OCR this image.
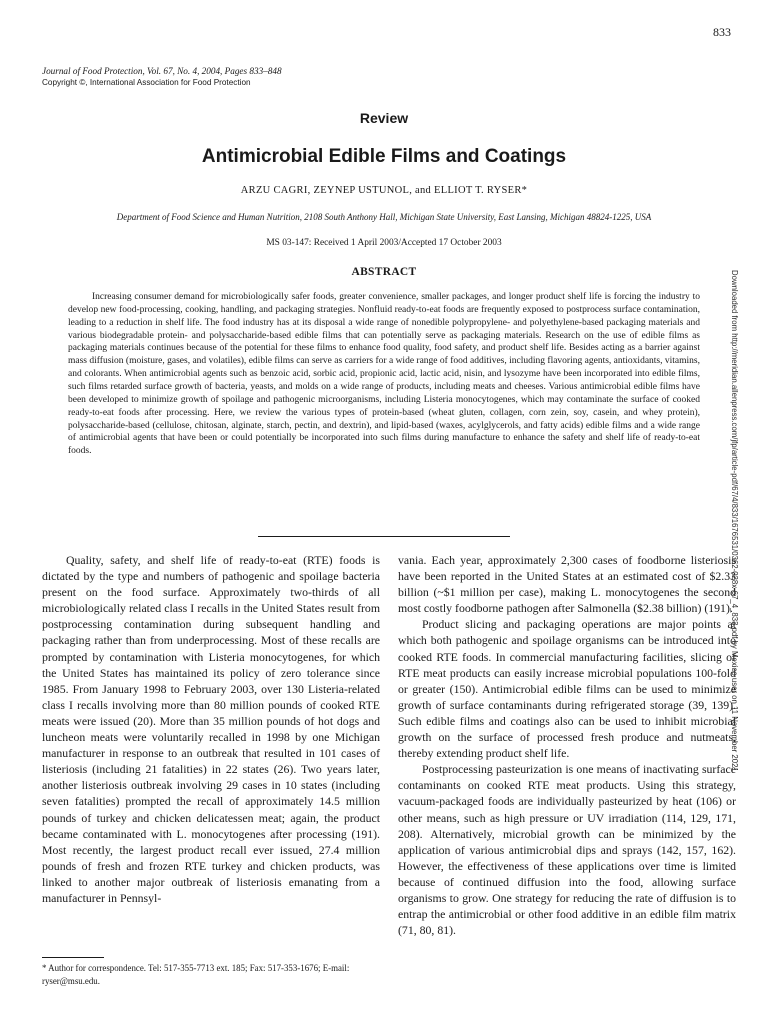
833
Journal of Food Protection, Vol. 67, No. 4, 2004, Pages 833–848
Copyright ©, International Association for Food Protection
Review
Antimicrobial Edible Films and Coatings
ARZU CAGRI, ZEYNEP USTUNOL, and ELLIOT T. RYSER*
Department of Food Science and Human Nutrition, 2108 South Anthony Hall, Michigan State University, East Lansing, Michigan 48824-1225, USA
MS 03-147: Received 1 April 2003/Accepted 17 October 2003
ABSTRACT

Increasing consumer demand for microbiologically safer foods, greater convenience, smaller packages, and longer product shelf life is forcing the industry to develop new food-processing, cooking, handling, and packaging strategies. Nonfluid ready-to-eat foods are frequently exposed to postprocess surface contamination, leading to a reduction in shelf life. The food industry has at its disposal a wide range of nonedible polypropylene- and polyethylene-based packaging materials and various biodegradable protein- and polysaccharide-based edible films that can potentially serve as packaging materials. Research on the use of edible films as packaging materials continues because of the potential for these films to enhance food quality, food safety, and product shelf life. Besides acting as a barrier against mass diffusion (moisture, gases, and volatiles), edible films can serve as carriers for a wide range of food additives, including flavoring agents, antioxidants, vitamins, and colorants. When antimicrobial agents such as benzoic acid, sorbic acid, propionic acid, lactic acid, nisin, and lysozyme have been incorporated into edible films, such films retarded surface growth of bacteria, yeasts, and molds on a wide range of products, including meats and cheeses. Various antimicrobial edible films have been developed to minimize growth of spoilage and pathogenic microorganisms, including Listeria monocytogenes, which may contaminate the surface of cooked ready-to-eat foods after processing. Here, we review the various types of protein-based (wheat gluten, collagen, corn zein, soy, casein, and whey protein), polysaccharide-based (cellulose, chitosan, alginate, starch, pectin, and dextrin), and lipid-based (waxes, acylglycerols, and fatty acids) edible films and a wide range of antimicrobial agents that have been or could potentially be incorporated into such films during manufacture to enhance the safety and shelf life of ready-to-eat foods.

Quality, safety, and shelf life of ready-to-eat (RTE) foods is dictated by the type and numbers of pathogenic and spoilage bacteria present on the food surface. Approximately two-thirds of all microbiologically related class I recalls in the United States result from postprocessing contamination during subsequent handling and packaging rather than from underprocessing. Most of these recalls are prompted by contamination with Listeria monocytogenes, for which the United States has maintained its policy of zero tolerance since 1985. From January 1998 to February 2003, over 130 Listeria-related class I recalls involving more than 80 million pounds of cooked RTE meats were issued (20). More than 35 million pounds of hot dogs and luncheon meats were voluntarily recalled in 1998 by one Michigan manufacturer in response to an outbreak that resulted in 101 cases of listeriosis (including 21 fatalities) in 22 states (26). Two years later, another listeriosis outbreak involving 29 cases in 10 states (including seven fatalities) prompted the recall of approximately 14.5 million pounds of turkey and chicken delicatessen meat; again, the product became contaminated with L. monocytogenes after processing (191). Most recently, the largest product recall ever issued, 27.4 million pounds of fresh and frozen RTE turkey and chicken products, was linked to another major outbreak of listeriosis emanating from a manufacturer in Pennsyl-

vania. Each year, approximately 2,300 cases of foodborne listeriosis have been reported in the United States at an estimated cost of $2.33 billion (~$1 million per case), making L. monocytogenes the second most costly foodborne pathogen after Salmonella ($2.38 billion) (191).

Product slicing and packaging operations are major points at which both pathogenic and spoilage organisms can be introduced into cooked RTE foods. In commercial manufacturing facilities, slicing of RTE meat products can easily increase microbial populations 100-fold or greater (150). Antimicrobial edible films can be used to minimize growth of surface contaminants during refrigerated storage (39, 139). Such edible films and coatings also can be used to inhibit microbial growth on the surface of processed fresh produce and nutmeats, thereby extending product shelf life.

Postprocessing pasteurization is one means of inactivating surface contaminants on cooked RTE meat products. Using this strategy, vacuum-packaged foods are individually pasteurized by heat (106) or other means, such as high pressure or UV irradiation (114, 129, 171, 208). Alternatively, microbial growth can be minimized by the application of various antimicrobial dips and sprays (142, 157, 162). However, the effectiveness of these applications over time is limited because of continued diffusion into the food, allowing surface organisms to grow. One strategy for reducing the rate of diffusion is to entrap the antimicrobial or other food additive in an edible film matrix (71, 80, 81).

* Author for correspondence. Tel: 517-355-7713 ext. 185; Fax: 517-353-1676; E-mail: ryser@msu.edu.
Downloaded from http://meridian.allenpress.com/jfp/article-pdf/67/4/833/1676531/0362-028x-67_4_833.pdf by Mexico user on 11 November 2021
